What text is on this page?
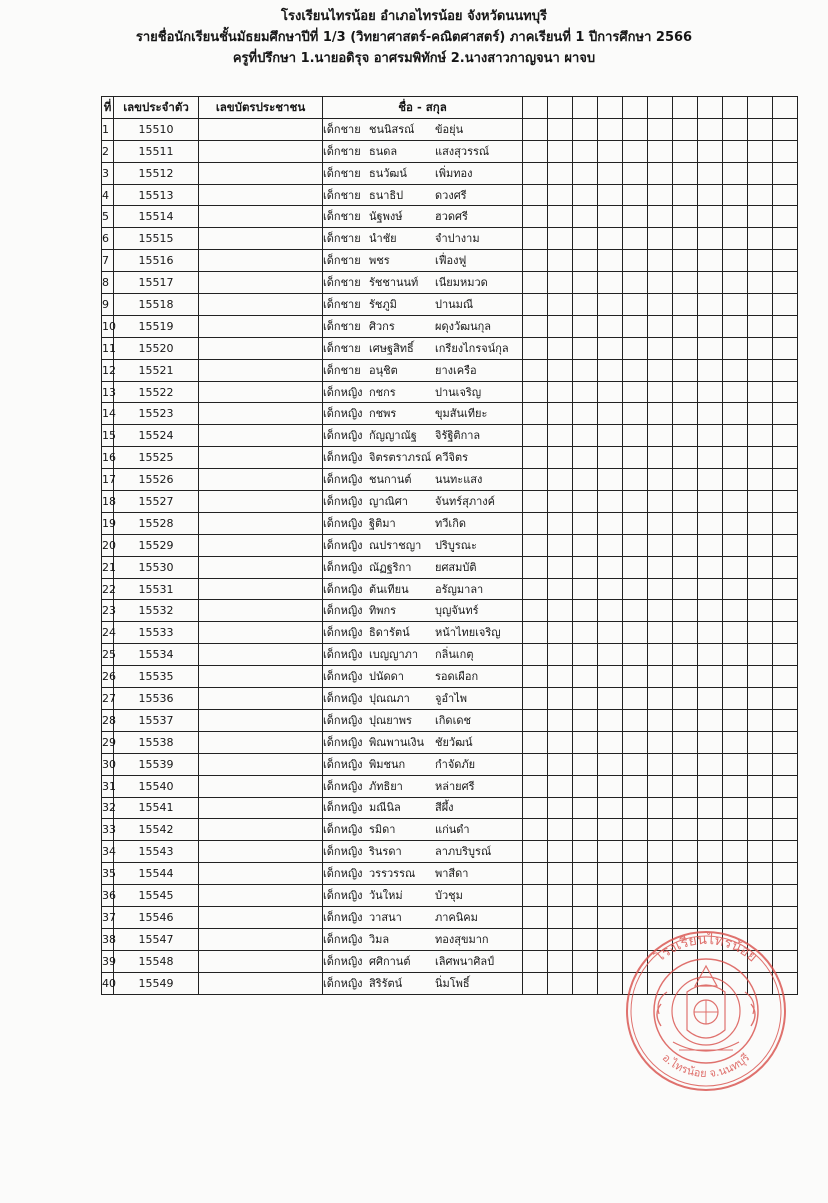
โรงเรียนไทรน้อย อำเภอไทรน้อย จังหวัดนนทบุรี
รายชื่อนักเรียนชั้นมัธยมศึกษาปีที่ 1/3 (วิทยาศาสตร์-คณิตศาสตร์) ภาคเรียนที่ 1 ปีการศึกษา 2566
ครูที่ปรึกษา 1.นายอดิรุจ อาศรมพิทักษ์ 2.นางสาวกาญจนา ผาจบ
ที่	เลขประจำตัว	เลขบัตรประชาชน	ชื่อ - สกุล											
1	15510		เด็กชาย ชนนิสรณ์ ข้อยุ่น											
2	15511		เด็กชาย ธนดล แสงสุวรรณ์											
3	15512		เด็กชาย ธนวัฒน์ เพิ่มทอง											
4	15513		เด็กชาย ธนาธิป ดวงศรี											
5	15514		เด็กชาย นัฐพงษ์ ฮวดศรี											
6	15515		เด็กชาย นำชัย จำปางาม											
7	15516		เด็กชาย พชร เฟื่องฟู											
8	15517		เด็กชาย รัชชานนท์ เนียมหมวด											
9	15518		เด็กชาย รัชภูมิ ปานมณี											
10	15519		เด็กชาย ศิวกร ผดุงวัฒนกุล											
11	15520		เด็กชาย เศษฐสิทธิ์ เกรียงไกรจน์กุล											
12	15521		เด็กชาย อนุชิต ยางเครือ											
13	15522		เด็กหญิง กชกร ปานเจริญ											
14	15523		เด็กหญิง กชพร ขุมสันเทียะ											
15	15524		เด็กหญิง กัญญาณัฐ จิรัฐิติกาล											
16	15525		เด็กหญิง จิตรตราภรณ์ ควีจิตร											
17	15526		เด็กหญิง ชนกานต์ นนทะแสง											
18	15527		เด็กหญิง ญาณิศา จันทร์สุภางค์											
19	15528		เด็กหญิง ฐิติมา ทวีเกิด											
20	15529		เด็กหญิง ณปราชญา ปริบูรณะ											
21	15530		เด็กหญิง ณัฏฐริกา ยศสมบัติ											
22	15531		เด็กหญิง ต้นเทียน อรัญมาลา											
23	15532		เด็กหญิง ทิพกร บุญจันทร์											
24	15533		เด็กหญิง ธิดารัตน์ หน้าไทยเจริญ											
25	15534		เด็กหญิง เบญญาภา กลิ่นเกตุ											
26	15535		เด็กหญิง ปนัดดา รอดเผือก											
27	15536		เด็กหญิง ปุณณภา จูอำไพ											
28	15537		เด็กหญิง ปุณยาพร เกิดเดช											
29	15538		เด็กหญิง พิณพานเงิน ชัยวัฒน์											
30	15539		เด็กหญิง พิมชนก กำจัดภัย											
31	15540		เด็กหญิง ภัทธิยา หล่ายศรี											
32	15541		เด็กหญิง มณีนิล สีผึ้ง											
33	15542		เด็กหญิง รมิดา แก่นดำ											
34	15543		เด็กหญิง รินรดา ลาภบริบูรณ์											
35	15544		เด็กหญิง วรรวรรณ พาสีดา											
36	15545		เด็กหญิง วันใหม่ บัวชุม											
37	15546		เด็กหญิง วาสนา ภาคนิคม											
38	15547		เด็กหญิง วิมล ทองสุขมาก											
39	15548		เด็กหญิง ศศิกานต์ เลิศพนาศิลป์											
40	15549		เด็กหญิง สิริรัตน์ นิ่มโพธิ์											
โรงเรียนไทรน้อย
อ.ไทรน้อย จ.นนทบุรี
